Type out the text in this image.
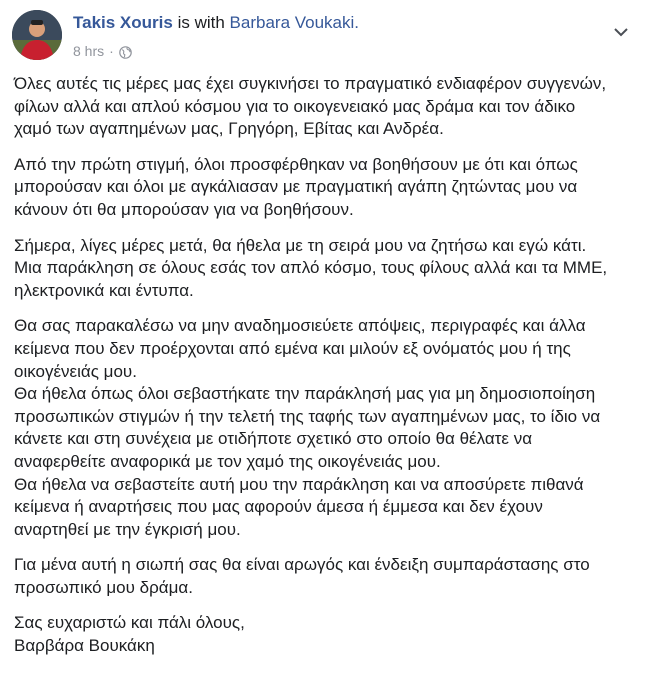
Takis Xouris is with Barbara Voukaki.
8 hrs ·

Όλες αυτές τις μέρες μας έχει συγκινήσει το πραγματικό ενδιαφέρον συγγενών,
φίλων αλλά και απλού κόσμου για το οικογενειακό μας δράμα και τον άδικο
χαμό των αγαπημένων μας, Γρηγόρη, Εβίτας και Ανδρέα.

Από την πρώτη στιγμή, όλοι προσφέρθηκαν να βοηθήσουν με ότι και όπως
μπορούσαν και όλοι με αγκάλιασαν με πραγματική αγάπη ζητώντας μου να
κάνουν ότι θα μπορούσαν για να βοηθήσουν.

Σήμερα, λίγες μέρες μετά, θα ήθελα με τη σειρά μου να ζητήσω και εγώ κάτι.
Μια παράκληση σε όλους εσάς τον απλό κόσμο, τους φίλους αλλά και τα ΜΜΕ,
ηλεκτρονικά και έντυπα.

Θα σας παρακαλέσω να μην αναδημοσιεύετε απόψεις, περιγραφές και άλλα
κείμενα που δεν προέρχονται από εμένα και μιλούν εξ ονόματός μου ή της
οικογένειάς μου.
Θα ήθελα όπως όλοι σεβαστήκατε την παράκλησή μας για μη δημοσιοποίηση
προσωπικών στιγμών ή την τελετή της ταφής των αγαπημένων μας, το ίδιο να
κάνετε και στη συνέχεια με οτιδήποτε σχετικό στο οποίο θα θέλατε να
αναφερθείτε αναφορικά με τον χαμό της οικογένειάς μου.
Θα ήθελα να σεβαστείτε αυτή μου την παράκληση και να αποσύρετε πιθανά
κείμενα ή αναρτήσεις που μας αφορούν άμεσα ή έμμεσα και δεν έχουν
αναρτηθεί με την έγκρισή μου.

Για μένα αυτή η σιωπή σας θα είναι αρωγός και ένδειξη συμπαράστασης στο
προσωπικό μου δράμα.

Σας ευχαριστώ και πάλι όλους,
Βαρβάρα Βουκάκη
